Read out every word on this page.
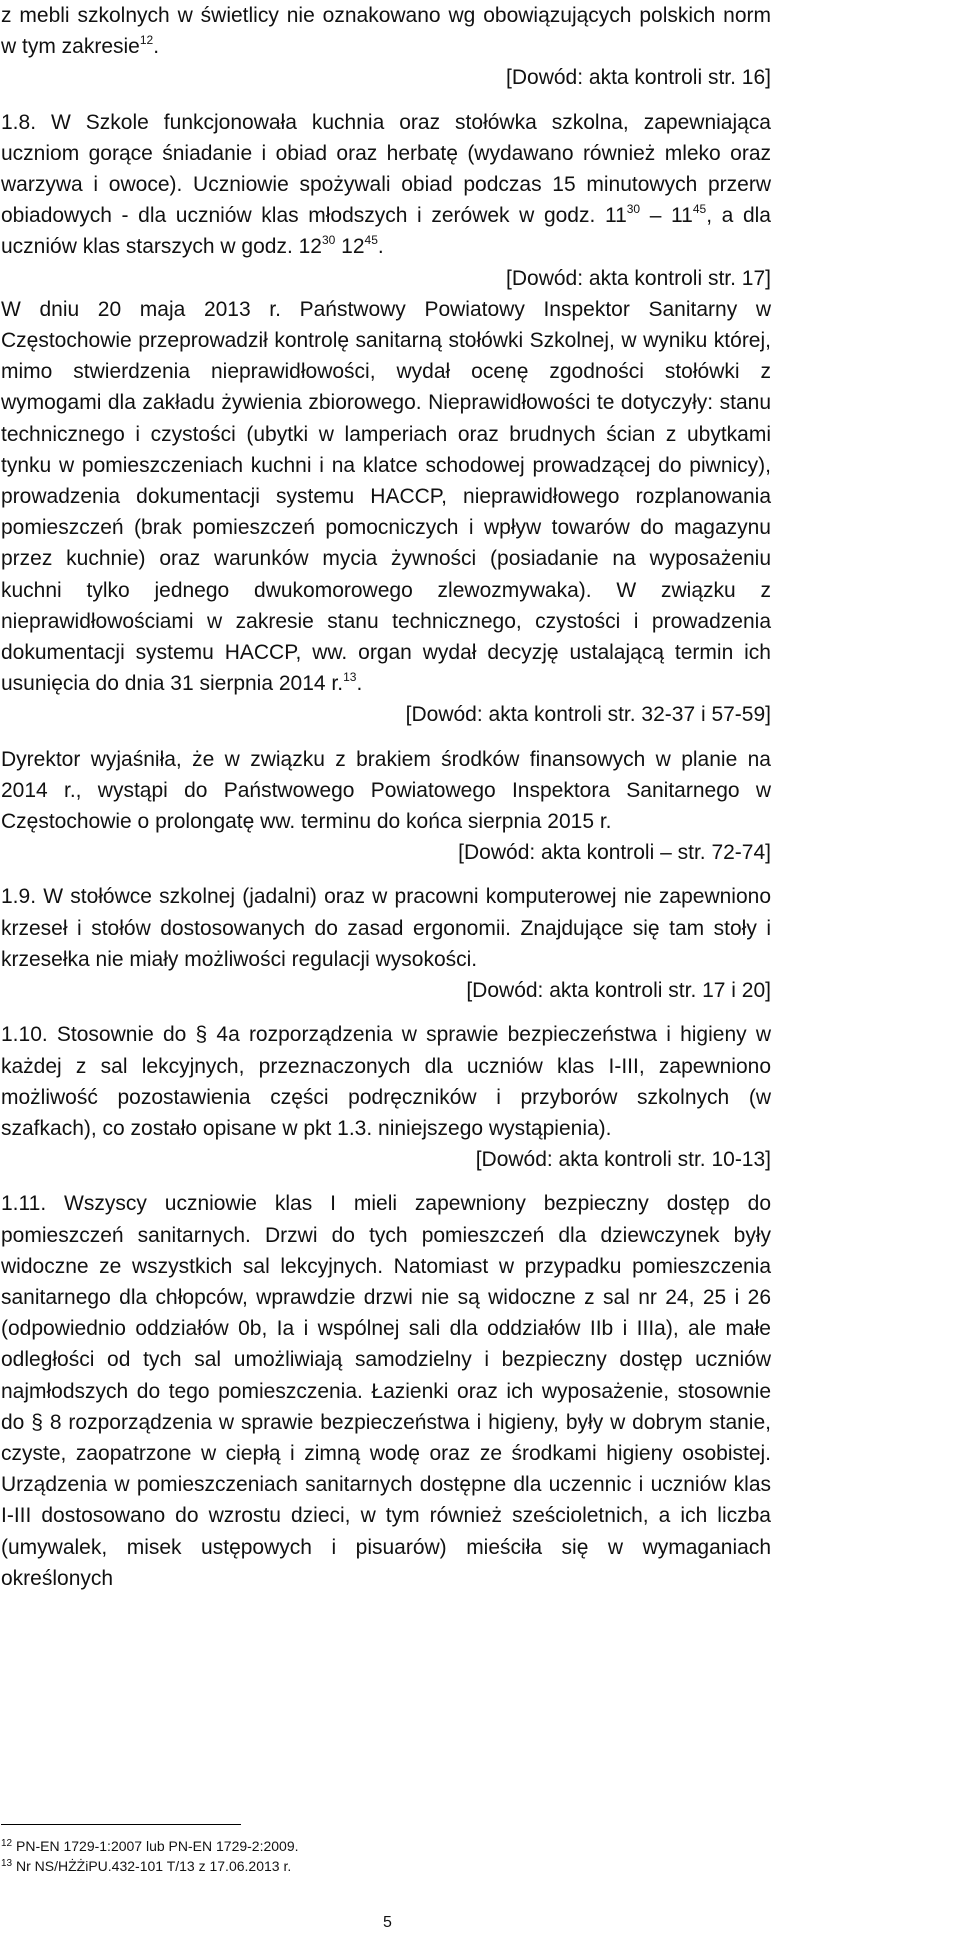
z mebli szkolnych w świetlicy nie oznakowano wg obowiązujących polskich norm w tym zakresie$^{12}$.

[Dowód: akta kontroli str. 16]

1.8. W Szkole funkcjonowała kuchnia oraz stołówka szkolna, zapewniająca uczniom gorące śniadanie i obiad oraz herbatę (wydawano również mleko oraz warzywa i owoce). Uczniowie spożywali obiad podczas 15 minutowych przerw obiadowych - dla uczniów klas młodszych i zerówek w godz. $11^{30} - 11^{45}$, a dla uczniów klas starszych w godz. $12^{30}$ $12^{45}$.

[Dowód: akta kontroli str. 17]

W dniu 20 maja 2013 r. Państwowy Powiatowy Inspektor Sanitarny w Częstochowie przeprowadził kontrolę sanitarną stołówki Szkolnej, w wyniku której, mimo stwierdzenia nieprawidłowości, wydał ocenę zgodności stołówki z wymogami dla zakładu żywienia zbiorowego. Nieprawidłowości te dotyczyły: stanu technicznego i czystości (ubytki w lamperiach oraz brudnych ścian z ubytkami tynku w pomieszczeniach kuchni i na klatce schodowej prowadzącej do piwnicy), prowadzenia dokumentacji systemu HACCP, nieprawidłowego rozplanowania pomieszczeń (brak pomieszczeń pomocniczych i wpływ towarów do magazynu przez kuchnie) oraz warunków mycia żywności (posiadanie na wyposażeniu kuchni tylko jednego dwukomorowego zlewozmywaka). W związku z nieprawidłowościami w zakresie stanu technicznego, czystości i prowadzenia dokumentacji systemu HACCP, ww. organ wydał decyzję ustalającą termin ich usunięcia do dnia 31 sierpnia 2014 r.$^{13}$.

[Dowód: akta kontroli str. 32-37 i 57-59]

Dyrektor wyjaśniła, że w związku z brakiem środków finansowych w planie na 2014 r., wystąpi do Państwowego Powiatowego Inspektora Sanitarnego w Częstochowie o prolongatę ww. terminu do końca sierpnia 2015 r.

[Dowód: akta kontroli – str. 72-74]

1.9. W stołówce szkolnej (jadalni) oraz w pracowni komputerowej nie zapewniono krzeseł i stołów dostosowanych do zasad ergonomii. Znajdujące się tam stoły i krzesełka nie miały możliwości regulacji wysokości.

[Dowód: akta kontroli str. 17 i 20]

1.10. Stosownie do § 4a rozporządzenia w sprawie bezpieczeństwa i higieny w każdej z sal lekcyjnych, przeznaczonych dla uczniów klas I-III, zapewniono możliwość pozostawienia części podręczników i przyborów szkolnych (w szafkach), co zostało opisane w pkt 1.3. niniejszego wystąpienia).

[Dowód: akta kontroli str. 10-13]

1.11. Wszyscy uczniowie klas I mieli zapewniony bezpieczny dostęp do pomieszczeń sanitarnych. Drzwi do tych pomieszczeń dla dziewczynek były widoczne ze wszystkich sal lekcyjnych. Natomiast w przypadku pomieszczenia sanitarnego dla chłopców, wprawdzie drzwi nie są widoczne z sal nr 24, 25 i 26 (odpowiednio oddziałów 0b, Ia i wspólnej sali dla oddziałów IIb i IIIa), ale małe odległości od tych sal umożliwiają samodzielny i bezpieczny dostęp uczniów najmłodszych do tego pomieszczenia. Łazienki oraz ich wyposażenie, stosownie do § 8 rozporządzenia w sprawie bezpieczeństwa i higieny, były w dobrym stanie, czyste, zaopatrzone w ciepłą i zimną wodę oraz ze środkami higieny osobistej. Urządzenia w pomieszczeniach sanitarnych dostępne dla uczennic i uczniów klas I-III dostosowano do wzrostu dzieci, w tym również sześcioletnich, a ich liczba (umywalek, misek ustępowych i pisuarów) mieściła się w wymaganiach określonych

$^{12}$ PN-EN 1729-1:2007 lub PN-EN 1729-2:2009.
$^{13}$ Nr NS/HŻŻiPU.432-101 T/13 z 17.06.2013 r.
5
